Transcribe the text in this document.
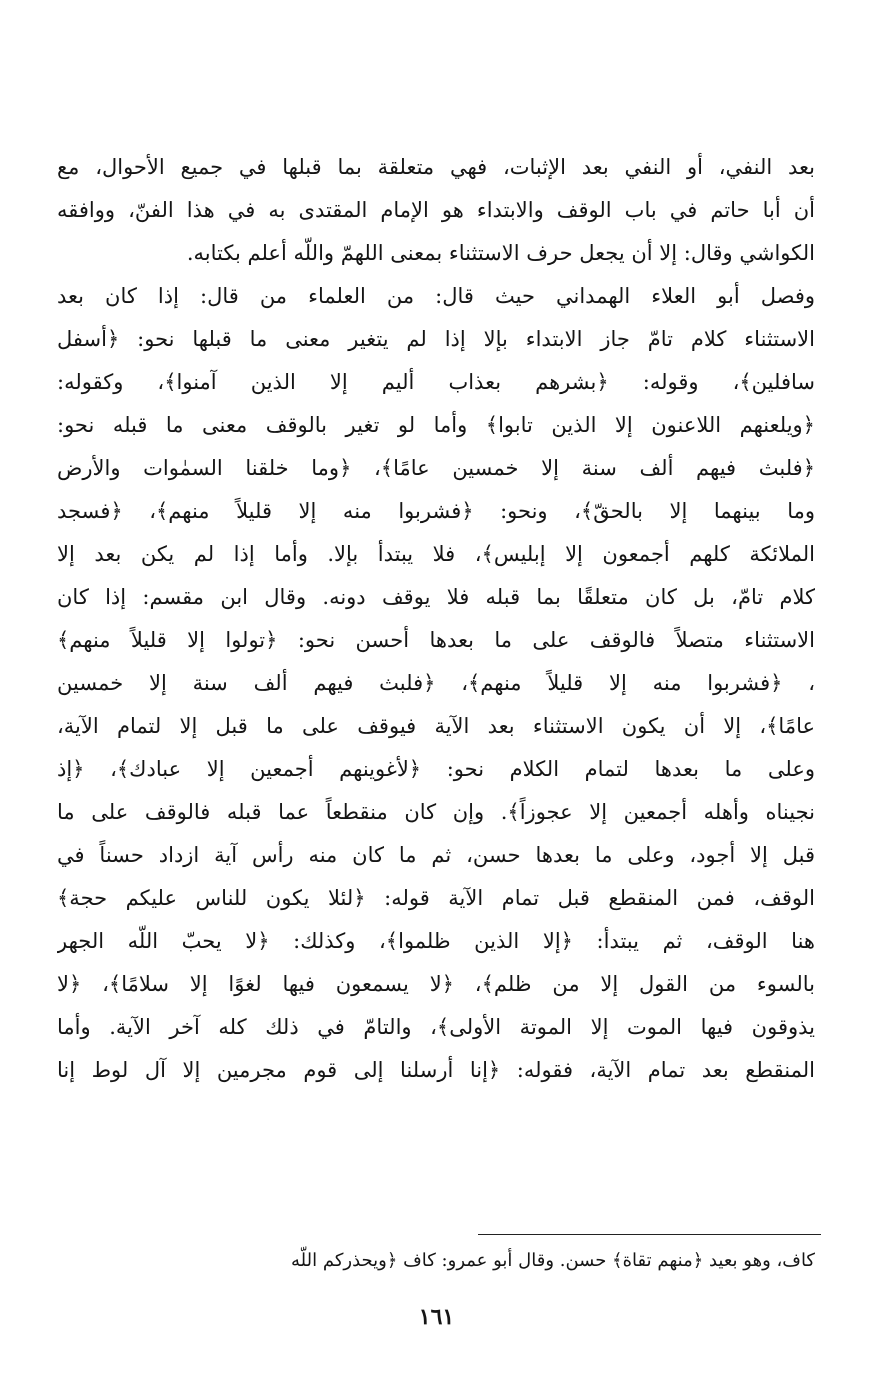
بعد النفي، أو النفي بعد الإثبات، فهي متعلقة بما قبلها في جميع الأحوال، مع
أن أبا حاتم في باب الوقف والابتداء هو الإمام المقتدى به في هذا الفنّ، ووافقه
الكواشي وقال: إلا أن يجعل حرف الاستثناء بمعنى اللهمّ واللّه أعلم بكتابه.
وفصل أبو العلاء الهمداني حيث قال: من العلماء من قال: إذا كان بعد
الاستثناء كلام تامّ جاز الابتداء بإلا إذا لم يتغير معنى ما قبلها نحو: ﴿أسفل
سافلين﴾، وقوله: ﴿بشرهم بعذاب أليم إلا الذين آمنوا﴾، وكقوله:
﴿ويلعنهم اللاعنون إلا الذين تابوا﴾ وأما لو تغير بالوقف معنى ما قبله نحو:
﴿فلبث فيهم ألف سنة إلا خمسين عامًا﴾، ﴿وما خلقنا السمٰوات والأرض
وما بينهما إلا بالحقّ﴾، ونحو: ﴿فشربوا منه إلا قليلاً منهم﴾، ﴿فسجد
الملائكة كلهم أجمعون إلا إبليس﴾، فلا يبتدأ بإلا. وأما إذا لم يكن بعد إلا
كلام تامّ، بل كان متعلقًا بما قبله فلا يوقف دونه. وقال ابن مقسم: إذا كان
الاستثناء متصلاً فالوقف على ما بعدها أحسن نحو: ﴿تولوا إلا قليلاً منهم﴾
، ﴿فشربوا منه إلا قليلاً منهم﴾، ﴿فلبث فيهم ألف سنة إلا خمسين
عامًا﴾، إلا أن يكون الاستثناء بعد الآية فيوقف على ما قبل إلا لتمام الآية،
وعلى ما بعدها لتمام الكلام نحو: ﴿لأغوينهم أجمعين إلا عبادك﴾، ﴿إذ
نجيناه وأهله أجمعين إلا عجوزاً﴾. وإن كان منقطعاً عما قبله فالوقف على ما
قبل إلا أجود، وعلى ما بعدها حسن، ثم ما كان منه رأس آية ازداد حسناً في
الوقف، فمن المنقطع قبل تمام الآية قوله: ﴿لئلا يكون للناس عليكم حجة﴾
هنا الوقف، ثم يبتدأ: ﴿إلا الذين ظلموا﴾، وكذلك: ﴿لا يحبّ اللّه الجهر
بالسوء من القول إلا من ظلم﴾، ﴿لا يسمعون فيها لغوًا إلا سلامًا﴾، ﴿لا
يذوقون فيها الموت إلا الموتة الأولى﴾، والتامّ في ذلك كله آخر الآية. وأما
المنقطع بعد تمام الآية، فقوله: ﴿إنا أرسلنا إلى قوم مجرمين إلا آل لوط إنا
كاف، وهو بعيد ﴿منهم تقاة﴾ حسن. وقال أبو عمرو: كاف ﴿ويحذركم اللّه
١٦١
